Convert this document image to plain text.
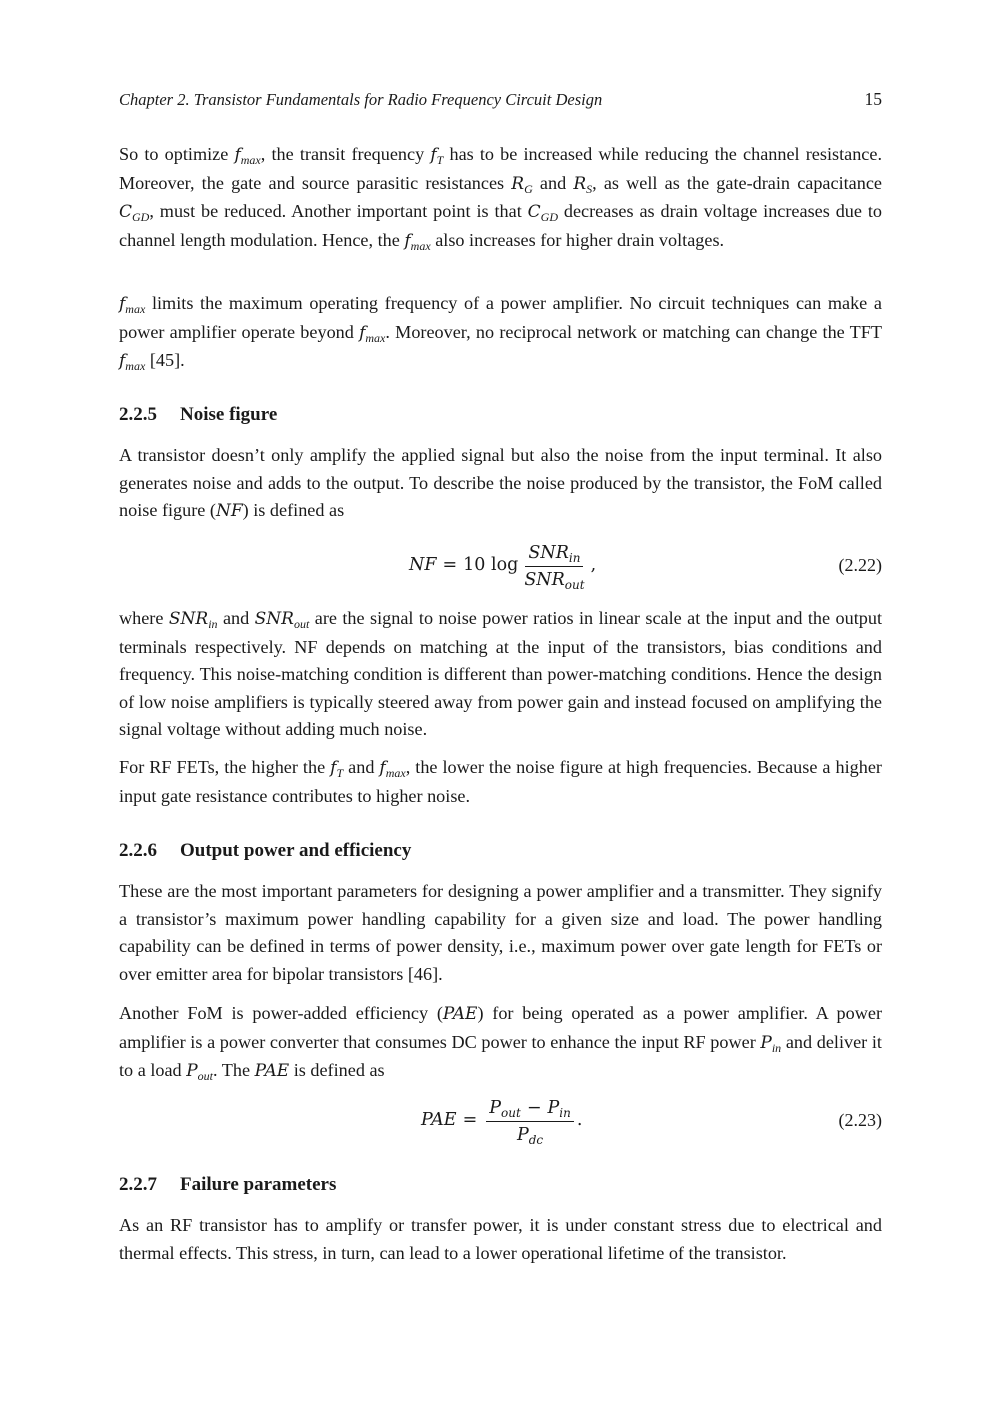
Chapter 2. Transistor Fundamentals for Radio Frequency Circuit Design	15

So to optimize $f_{max}$, the transit frequency $f_T$ has to be increased while reducing the channel resistance. Moreover, the gate and source parasitic resistances $R_G$ and $R_S$, as well as the gate-drain capacitance $C_{GD}$, must be reduced. Another important point is that $C_{GD}$ decreases as drain voltage increases due to channel length modulation. Hence, the $f_{max}$ also increases for higher drain voltages.

$f_{max}$ limits the maximum operating frequency of a power amplifier. No circuit techniques can make a power amplifier operate beyond $f_{max}$. Moreover, no reciprocal network or matching can change the TFT $f_{max}$ [45].

2.2.5 Noise figure

A transistor doesn’t only amplify the applied signal but also the noise from the input terminal. It also generates noise and adds to the output. To describe the noise produced by the transistor, the FoM called noise figure (NF) is defined as

NF = 10 $\log \frac{SNR_{in}}{SNR_{out}}$ ,	(2.22)

where $SNR_{in}$ and $SNR_{out}$ are the signal to noise power ratios in linear scale at the input and the output terminals respectively. NF depends on matching at the input of the transistors, bias conditions and frequency. This noise-matching condition is different than power-matching conditions. Hence the design of low noise amplifiers is typically steered away from power gain and instead focused on amplifying the signal voltage without adding much noise.

For RF FETs, the higher the $f_T$ and $f_{max}$, the lower the noise figure at high frequencies. Because a higher input gate resistance contributes to higher noise.

2.2.6 Output power and efficiency

These are the most important parameters for designing a power amplifier and a transmitter. They signify a transistor’s maximum power handling capability for a given size and load. The power handling capability can be defined in terms of power density, i.e., maximum power over gate length for FETs or over emitter area for bipolar transistors [46].

Another FoM is power-added efficiency (PAE) for being operated as a power amplifier. A power amplifier is a power converter that consumes DC power to enhance the input RF power $P_{in}$ and deliver it to a load $P_{out}$. The PAE is defined as

PAE = $\frac{P_{out} - P_{in}}{P_{dc}}$ .	(2.23)
2.2.7 Failure parameters

As an RF transistor has to amplify or transfer power, it is under constant stress due to electrical and thermal effects. This stress, in turn, can lead to a lower operational lifetime of the transistor.
